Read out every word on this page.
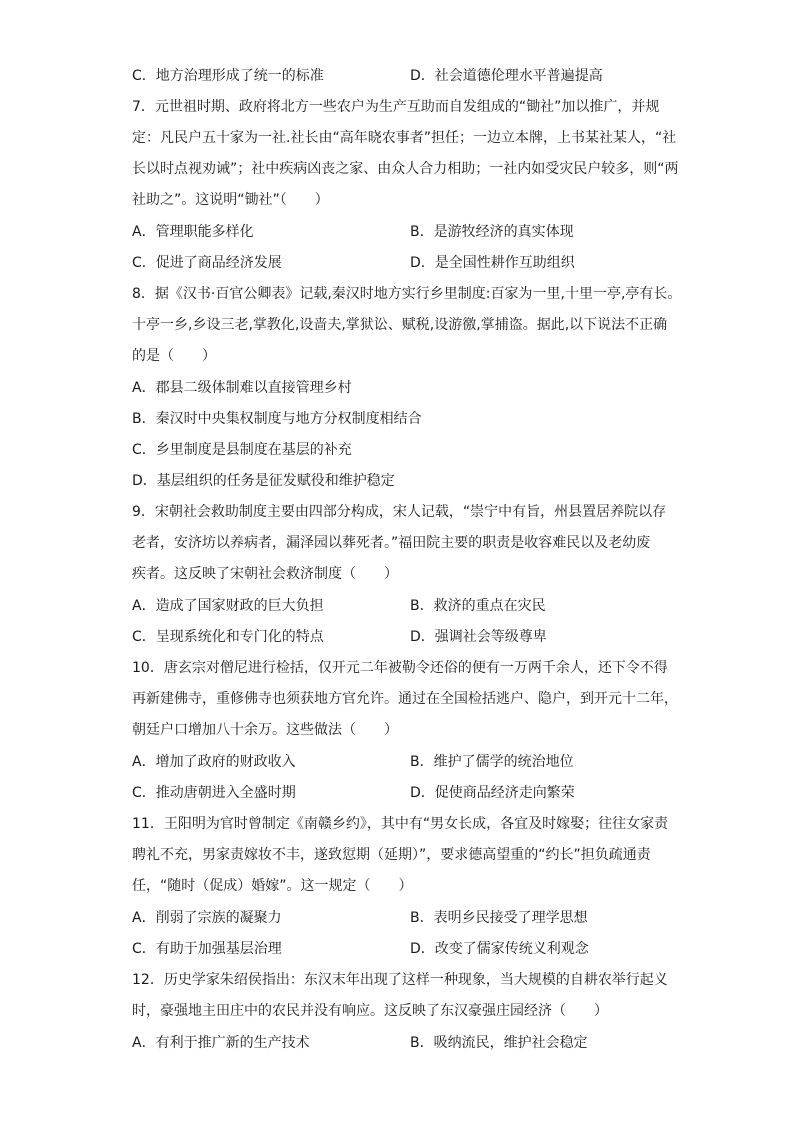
C．地方治理形成了统一的标准	D．社会道德伦理水平普遍提高
7．元世祖时期、政府将北方一些农户为生产互助而自发组成的“锄社”加以推广，并规
定：凡民户五十家为一社.社长由“高年晓农事者”担任；一边立本牌，上书某社某人，“社
长以时点视劝诫”；社中疾病凶丧之家、由众人合力相助；一社内如受灾民户较多，则“两
社助之”。这说明“锄社”（　　）
A．管理职能多样化	B．是游牧经济的真实体现
C．促进了商品经济发展	D．是全国性耕作互助组织
8．据《汉书·百官公卿表》记载,秦汉时地方实行乡里制度:百家为一里,十里一亭,亭有长。
十亭一乡,乡设三老,掌教化,设啬夫,掌狱讼、赋税,设游徼,掌捕盗。据此,以下说法不正确
的是（　　）
A．郡县二级体制难以直接管理乡村
B．秦汉时中央集权制度与地方分权制度相结合
C．乡里制度是县制度在基层的补充
D．基层组织的任务是征发赋役和维护稳定
9．宋朝社会救助制度主要由四部分构成，宋人记载，“崇宁中有旨，州县置居养院以存
老者，安济坊以养病者，漏泽园以葬死者。”福田院主要的职责是收容难民以及老幼废
疾者。这反映了宋朝社会救济制度（　　）
A．造成了国家财政的巨大负担	B．救济的重点在灾民
C．呈现系统化和专门化的特点	D．强调社会等级尊卑
10．唐玄宗对僧尼进行检括，仅开元二年被勒令还俗的便有一万两千余人，还下令不得
再新建佛寺，重修佛寺也须获地方官允许。通过在全国检括逃户、隐户，到开元十二年，
朝廷户口增加八十余万。这些做法（　　）
A．增加了政府的财政收入	B．维护了儒学的统治地位
C．推动唐朝进入全盛时期	D．促使商品经济走向繁荣
11．王阳明为官时曾制定《南赣乡约》，其中有“男女长成，各宜及时嫁娶；往往女家责
聘礼不充，男家责嫁妆不丰，遂致愆期（延期）”，要求德高望重的“约长”担负疏通责
任，“随时（促成）婚嫁”。这一规定（　　）
A．削弱了宗族的凝聚力	B．表明乡民接受了理学思想
C．有助于加强基层治理	D．改变了儒家传统义利观念
12．历史学家朱绍侯指出：东汉末年出现了这样一种现象，当大规模的自耕农举行起义
时，豪强地主田庄中的农民并没有响应。这反映了东汉豪强庄园经济（　　）
A．有利于推广新的生产技术	B．吸纳流民，维护社会稳定
